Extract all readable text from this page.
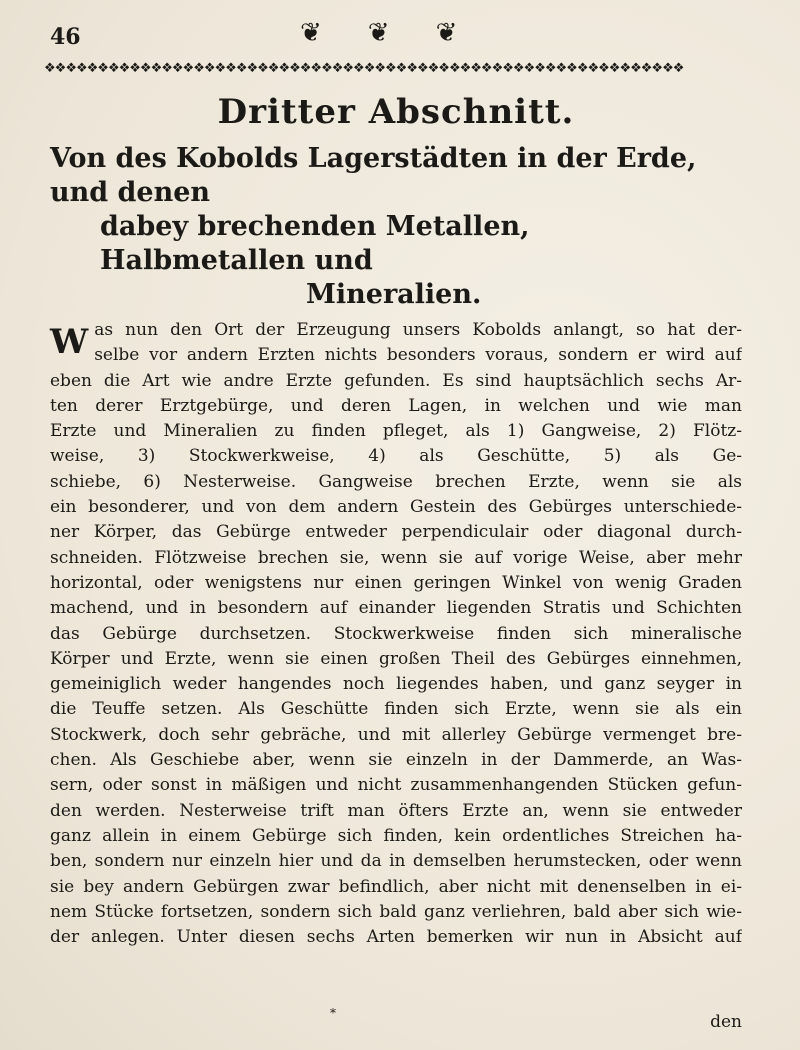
46	❦ ❦ ❦
❖❖❖❖❖❖❖❖❖❖❖❖❖❖❖❖❖❖❖❖❖❖❖❖❖❖❖❖❖❖❖❖❖❖❖❖❖❖❖❖❖❖❖❖❖❖❖❖❖❖❖❖❖❖❖❖❖❖❖❖
Dritter Abschnitt.
Von des Kobolds Lagerstädten in der Erde, und denen
dabey brechenden Metallen, Halbmetallen und
Mineralien.
W as nun den Ort der Erzeugung unsers Kobolds anlangt, so hat der-
selbe vor andern Erzten nichts besonders voraus, sondern er wird auf
eben die Art wie andre Erzte gefunden. Es sind hauptsächlich sechs Ar-
ten derer Erztgebürge, und deren Lagen, in welchen und wie man
Erzte und Mineralien zu finden pfleget, als 1) Gangweise, 2) Flötz-
weise, 3) Stockwerkweise, 4) als Geschütte, 5) als Ge-
schiebe, 6) Nesterweise. Gangweise brechen Erzte, wenn sie als
ein besonderer, und von dem andern Gestein des Gebürges unterschiede-
ner Körper, das Gebürge entweder perpendiculair oder diagonal durch-
schneiden. Flötzweise brechen sie, wenn sie auf vorige Weise, aber mehr
horizontal, oder wenigstens nur einen geringen Winkel von wenig Graden
machend, und in besondern auf einander liegenden Stratis und Schichten
das Gebürge durchsetzen. Stockwerkweise finden sich mineralische
Körper und Erzte, wenn sie einen großen Theil des Gebürges einnehmen,
gemeiniglich weder hangendes noch liegendes haben, und ganz seyger in
die Teuffe setzen. Als Geschütte finden sich Erzte, wenn sie als ein
Stockwerk, doch sehr gebräche, und mit allerley Gebürge vermenget bre-
chen. Als Geschiebe aber, wenn sie einzeln in der Dammerde, an Was-
sern, oder sonst in mäßigen und nicht zusammenhangenden Stücken gefun-
den werden. Nesterweise trift man öfters Erzte an, wenn sie entweder
ganz allein in einem Gebürge sich finden, kein ordentliches Streichen ha-
ben, sondern nur einzeln hier und da in demselben herumstecken, oder wenn
sie bey andern Gebürgen zwar befindlich, aber nicht mit denenselben in ei-
nem Stücke fortsetzen, sondern sich bald ganz verliehren, bald aber sich wie-
der anlegen. Unter diesen sechs Arten bemerken wir nun in Absicht auf
*	den
